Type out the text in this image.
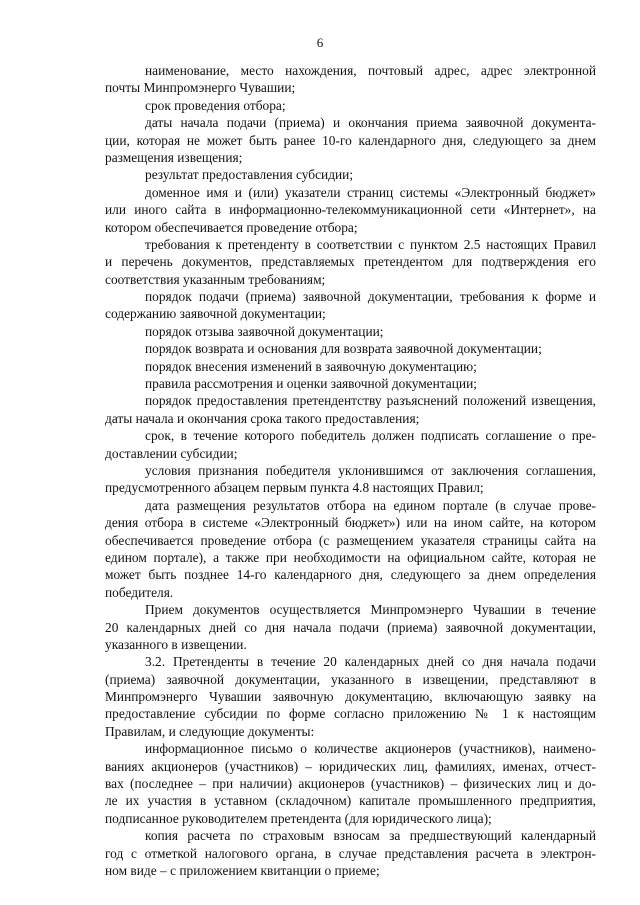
6
наименование, место нахождения, почтовый адрес, адрес электронной
почты Минпромэнерго Чувашии;
срок проведения отбора;
даты начала подачи (приема) и окончания приема заявочной документа-
ции, которая не может быть ранее 10-го календарного дня, следующего за днем
размещения извещения;
результат предоставления субсидии;
доменное имя и (или) указатели страниц системы «Электронный бюджет»
или иного сайта в информационно-телекоммуникационной сети «Интернет», на
котором обеспечивается проведение отбора;
требования к претенденту в соответствии с пунктом 2.5 настоящих Правил
и перечень документов, представляемых претендентом для подтверждения его
соответствия указанным требованиям;
порядок подачи (приема) заявочной документации, требования к форме и
содержанию заявочной документации;
порядок отзыва заявочной документации;
порядок возврата и основания для возврата заявочной документации;
порядок внесения изменений в заявочную документацию;
правила рассмотрения и оценки заявочной документации;
порядок предоставления претендентству разъяснений положений извещения,
даты начала и окончания срока такого предоставления;
срок, в течение которого победитель должен подписать соглашение о пре-
доставлении субсидии;
условия признания победителя уклонившимся от заключения соглашения,
предусмотренного абзацем первым пункта 4.8 настоящих Правил;
дата размещения результатов отбора на едином портале (в случае прове-
дения отбора в системе «Электронный бюджет») или на ином сайте, на котором
обеспечивается проведение отбора (с размещением указателя страницы сайта на
едином портале), а также при необходимости на официальном сайте, которая не
может быть позднее 14-го календарного дня, следующего за днем определения
победителя.
Прием документов осуществляется Минпромэнерго Чувашии в течение
20 календарных дней со дня начала подачи (приема) заявочной документации,
указанного в извещении.
3.2. Претенденты в течение 20 календарных дней со дня начала подачи
(приема) заявочной документации, указанного в извещении, представляют в
Минпромэнерго Чувашии заявочную документацию, включающую заявку на
предоставление субсидии по форме согласно приложению № 1 к настоящим
Правилам, и следующие документы:
информационное письмо о количестве акционеров (участников), наимено-
ваниях акционеров (участников) – юридических лиц, фамилиях, именах, отчест-
вах (последнее – при наличии) акционеров (участников) – физических лиц и до-
ле их участия в уставном (складочном) капитале промышленного предприятия,
подписанное руководителем претендента (для юридического лица);
копия расчета по страховым взносам за предшествующий календарный
год с отметкой налогового органа, в случае представления расчета в электрон-
ном виде – с приложением квитанции о приеме;
